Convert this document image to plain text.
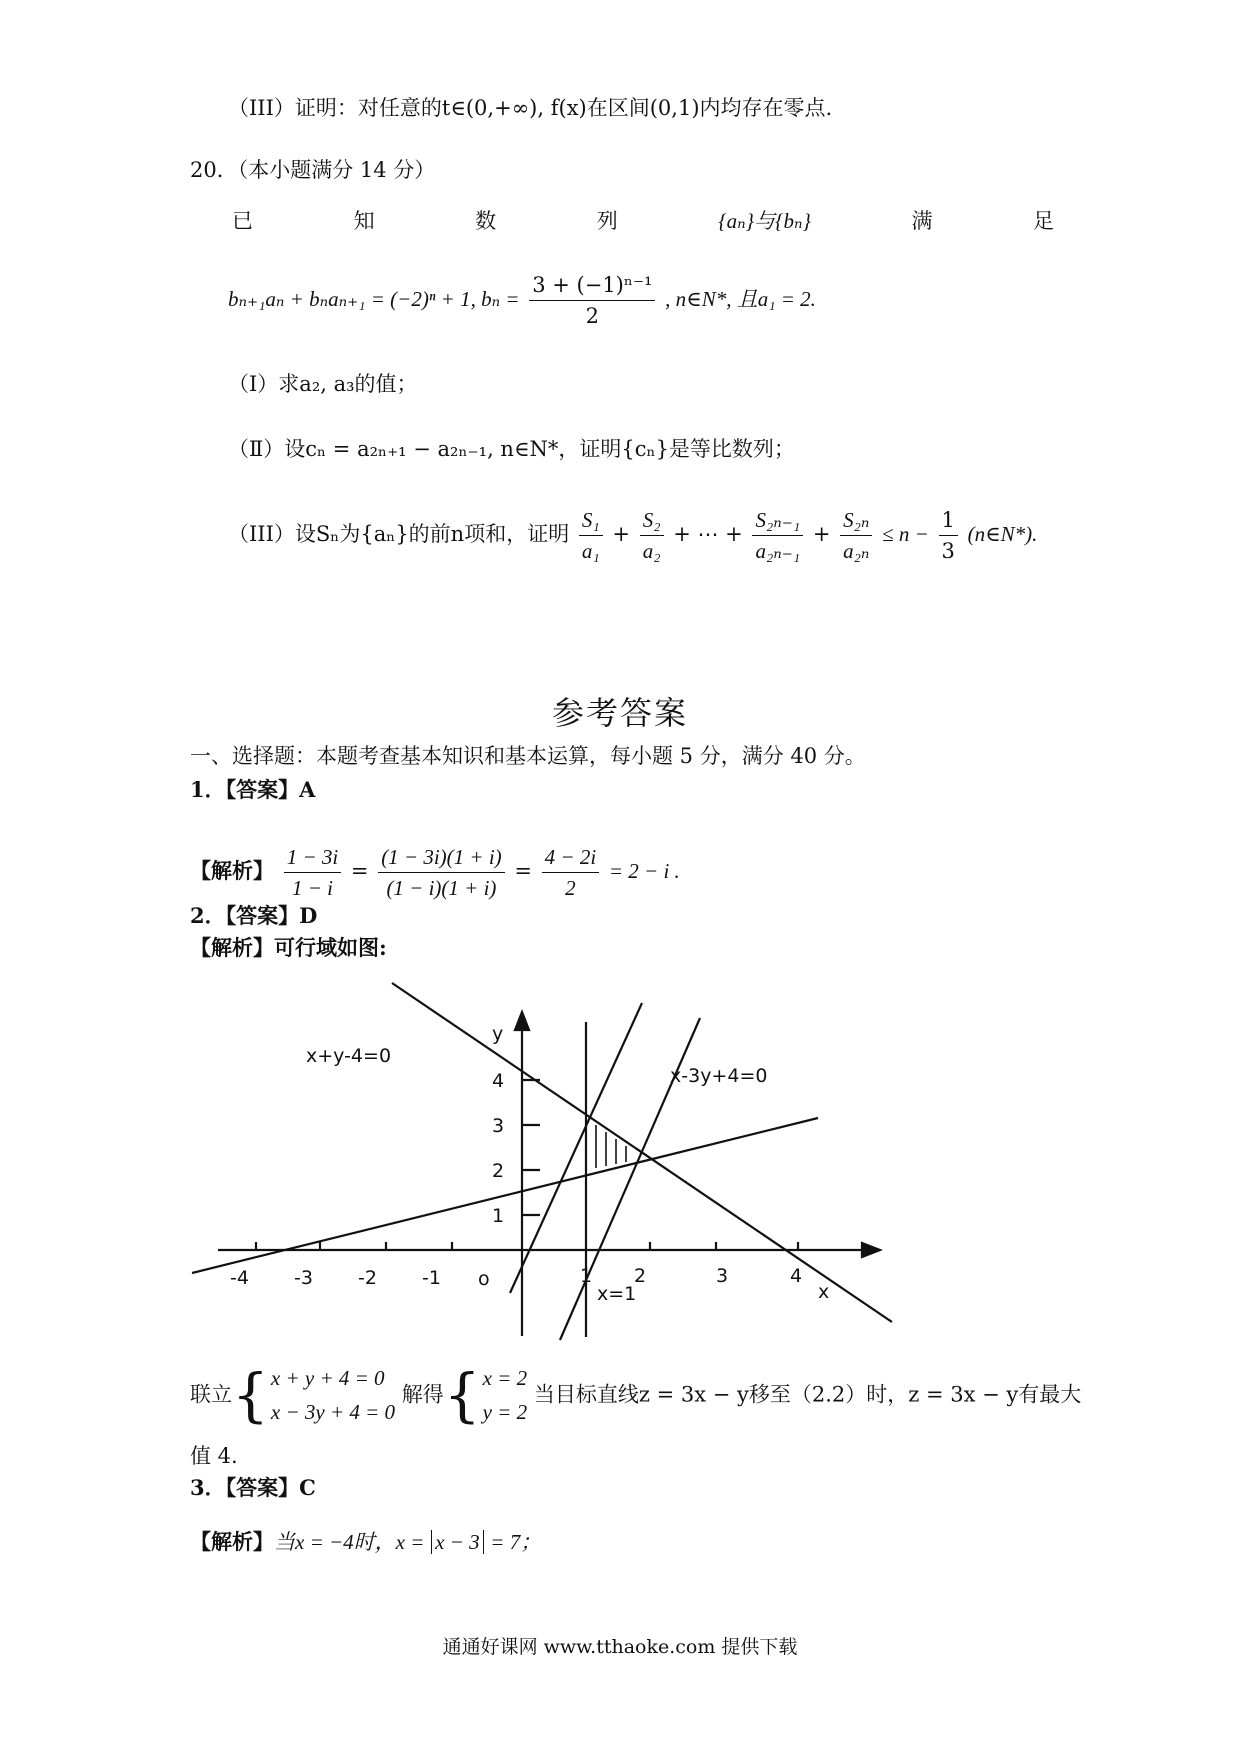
（III）证明：对任意的t∈(0,+∞), f(x)在区间(0,1)内均存在零点.
20．（本小题满分 14 分）
已	知	数	列	{aₙ}与{bₙ}	满	足
bₙ₊₁aₙ + bₙaₙ₊₁ = (−2)ⁿ + 1, $b_n = \frac{\text{3 + (−1)ⁿ⁻¹}}{2}$ , n∈N*, 且a₁ = 2.
（Ⅰ）求a₂, a₃的值；
（Ⅱ）设cₙ = a₂ₙ₊₁ − a₂ₙ₋₁, n∈N*，证明{cₙ}是等比数列；
（III）设Sₙ为{aₙ}的前n项和，证明 $\frac{\text{S₁}}{\text{a₁}} + \frac{\text{S₂}}{\text{a₂}}$ + ⋯ + $\frac{\text{S₂ₙ₋₁}}{\text{a₂ₙ₋₁}} + \frac{\text{S₂ₙ}}{\text{a₂ₙ}} \le n - \frac{1}{3}$ (n∈N*).
参考答案
一、选择题：本题考查基本知识和基本运算，每小题 5 分，满分 40 分。
1．【答案】A
【解析】 $\frac{1 - 3i}{1 - i} = \frac{(1 - 3i)(1 + i)}{(1 - i)(1 + i)} = \frac{4 - 2i}{2} = 2 - i$ .
2．【答案】D
【解析】可行域如图:
-4 -3 -2 -1 o	1 2	3	4
1
2
3
4
x
y
x+y-4=0
x-3y+4=0
x=1
联立{ x + y + 4 = 0
x − 3y + 4 = 0
解得{ x = 2
y = 2
当目标直线z = 3x − y移至（2.2）时，z = 3x − y有最大
值 4.
3．【答案】C
【解析】当x = −4时，x = x − 3 = 7；
通通好课网 www.tthaoke.com 提供下载
